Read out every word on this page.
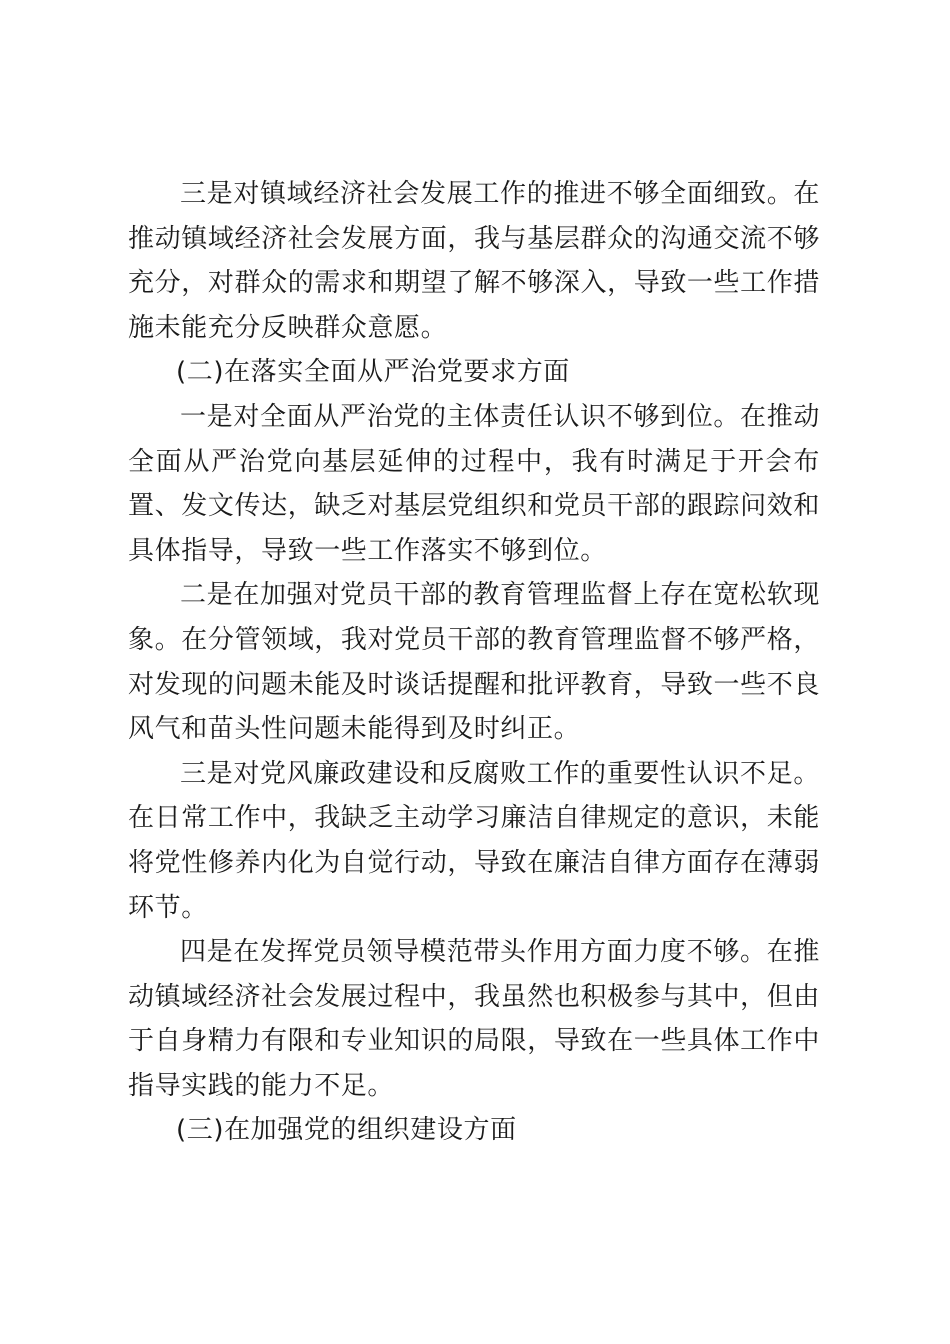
三是对镇域经济社会发展工作的推进不够全面细致。在推动镇域经济社会发展方面，我与基层群众的沟通交流不够充分，对群众的需求和期望了解不够深入，导致一些工作措施未能充分反映群众意愿。

(二)在落实全面从严治党要求方面

一是对全面从严治党的主体责任认识不够到位。在推动全面从严治党向基层延伸的过程中，我有时满足于开会布置、发文传达，缺乏对基层党组织和党员干部的跟踪问效和具体指导，导致一些工作落实不够到位。

二是在加强对党员干部的教育管理监督上存在宽松软现象。在分管领域，我对党员干部的教育管理监督不够严格，对发现的问题未能及时谈话提醒和批评教育，导致一些不良风气和苗头性问题未能得到及时纠正。

三是对党风廉政建设和反腐败工作的重要性认识不足。在日常工作中，我缺乏主动学习廉洁自律规定的意识，未能将党性修养内化为自觉行动，导致在廉洁自律方面存在薄弱环节。

四是在发挥党员领导模范带头作用方面力度不够。在推动镇域经济社会发展过程中，我虽然也积极参与其中，但由于自身精力有限和专业知识的局限，导致在一些具体工作中指导实践的能力不足。

(三)在加强党的组织建设方面
